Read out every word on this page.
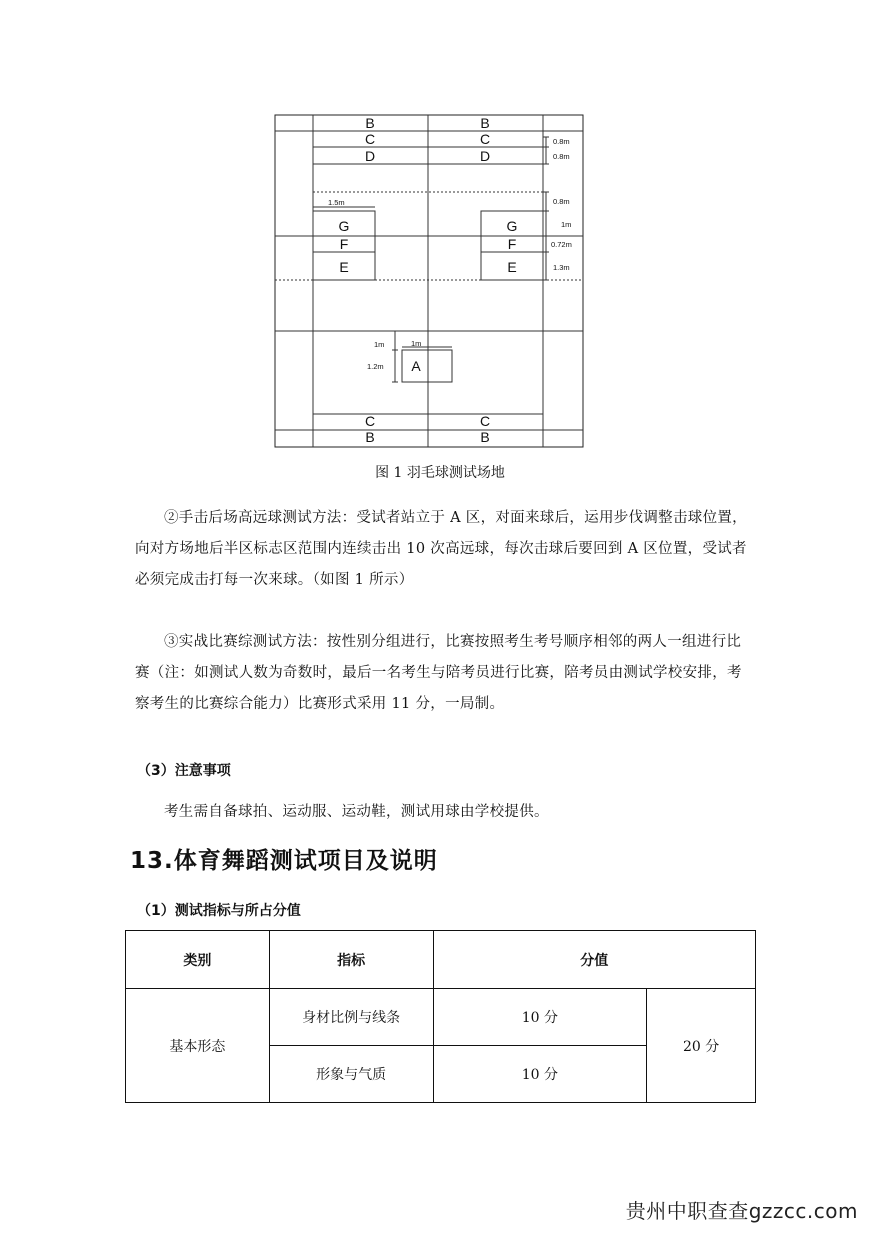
B	B
C	C
D	D
G
F
E
G
F
E
A
C	C
B	B
0.8m
0.8m
0.8m
1m
0.72m
1.3m
1.5m
1m	1m
1.2m
图 1 羽毛球测试场地

②手击后场高远球测试方法：受试者站立于 A 区，对面来球后，运用步伐调整击球位置，向对方场地后半区标志区范围内连续击出 10 次高远球，每次击球后要回到 A 区位置，受试者必须完成击打每一次来球。（如图 1 所示）

③实战比赛综测试方法：按性别分组进行，比赛按照考生考号顺序相邻的两人一组进行比赛（注：如测试人数为奇数时，最后一名考生与陪考员进行比赛，陪考员由测试学校安排，考察考生的比赛综合能力）比赛形式采用 11 分，一局制。

（3）注意事项

考生需自备球拍、运动服、运动鞋，测试用球由学校提供。

13.体育舞蹈测试项目及说明
（1）测试指标与所占分值
类别	指标	分值	
基本形态	身材比例与线条	10 分	20 分
	形象与气质	10 分	
贵州中职查查gzzcc.com
